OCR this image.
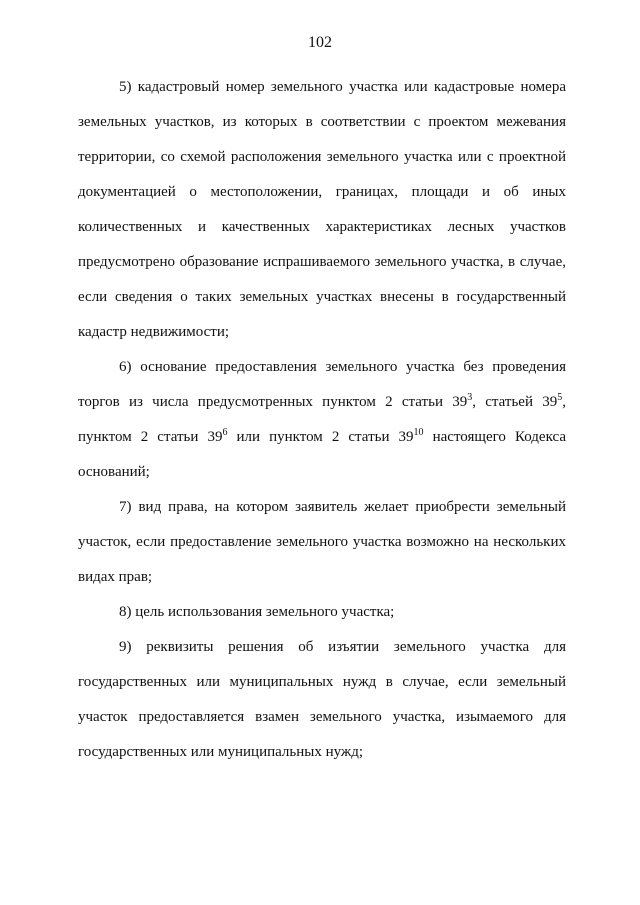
102

5) кадастровый номер земельного участка или кадастровые номера земельных участков, из которых в соответствии с проектом межевания территории, со схемой расположения земельного участка или с проектной документацией о местоположении, границах, площади и об иных количественных и качественных характеристиках лесных участков предусмотрено образование испрашиваемого земельного участка, в случае, если сведения о таких земельных участках внесены в государственный кадастр недвижимости;

6) основание предоставления земельного участка без проведения торгов из числа предусмотренных пунктом 2 статьи $39^3$, статьей $39^5$, пунктом 2 статьи $39^6$ или пунктом 2 статьи $39^{10}$ настоящего Кодекса оснований;

7) вид права, на котором заявитель желает приобрести земельный участок, если предоставление земельного участка возможно на нескольких видах прав;

8) цель использования земельного участка;

9) реквизиты решения об изъятии земельного участка для государственных или муниципальных нужд в случае, если земельный участок предоставляется взамен земельного участка, изымаемого для государственных или муниципальных нужд;
